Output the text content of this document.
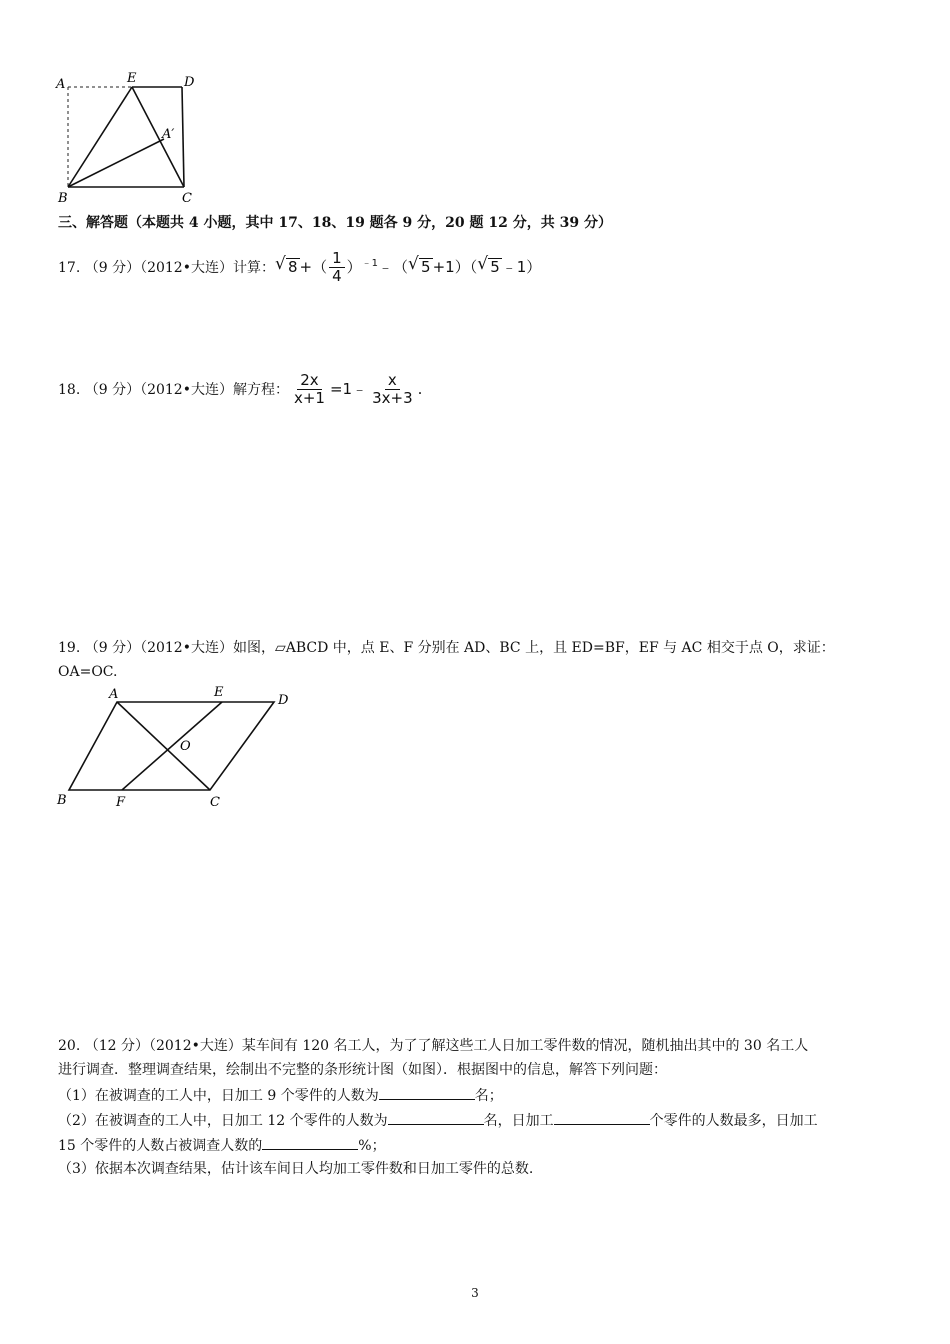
A	E	D
A′
B	C
三、解答题（本题共 4 小题，其中 17、18、19 题各 9 分，20 题 12 分，共 39 分）
17. （9 分）（2012•大连）计算： √ 8 +（ $\frac{1}{4}$ ）$^{﹣1}$﹣（ √ 5 +1）（ √ 5 ﹣1）
18. （9 分）（2012•大连）解方程： $\frac{2x}{x+1}$ =1﹣ $\frac{x}{3x+3}$ .
19. （9 分）（2012•大连）如图，▱ABCD 中，点 E、F 分别在 AD、BC 上，且 ED=BF，EF 与 AC 相交于点 O，求证：
OA=OC.
A	E
D
O
B	F	C
20. （12 分）（2012•大连）某车间有 120 名工人，为了了解这些工人日加工零件数的情况，随机抽出其中的 30 名工人
进行调查．整理调查结果，绘制出不完整的条形统计图（如图）．根据图中的信息，解答下列问题：
（1）在被调查的工人中，日加工 9 个零件的人数为	名；
（2）在被调查的工人中，日加工 12 个零件的人数为	名，日加工	个零件的人数最多，日加工
15 个零件的人数占被调查人数的	%；
（3）依据本次调查结果，估计该车间日人均加工零件数和日加工零件的总数.
3
